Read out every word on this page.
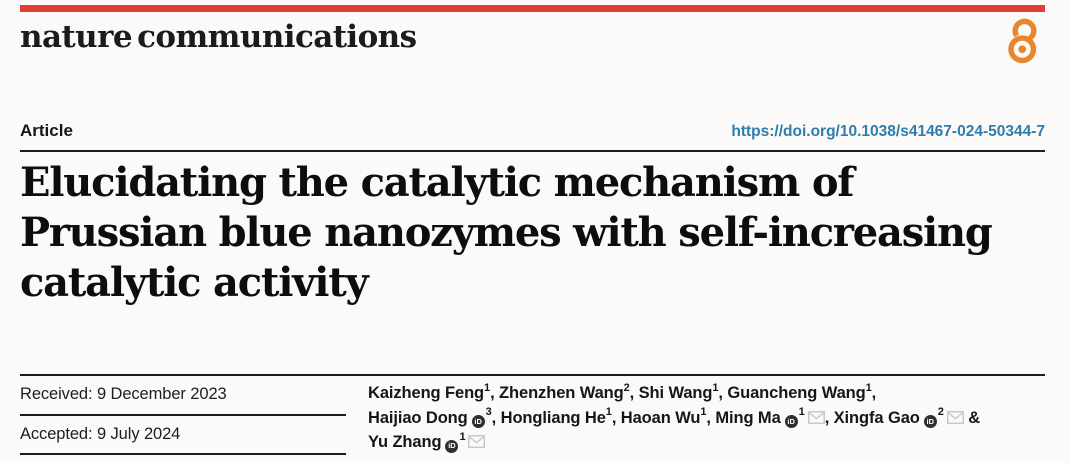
nature communications
Article	https://doi.org/10.1038/s41467-024-50344-7
Elucidating the catalytic mechanism of
Prussian blue nanozymes with self-increasing
catalytic activity
Received: 9 December 2023
Accepted: 9 July 2024
Kaizheng Feng$^1$, Zhenzhen Wang$^2$, Shi Wang$^1$, Guancheng Wang$^1$,
Haijiao Dong $iD^3$, Hongliang He$^1$, Haoan Wu$^1$, Ming Ma $iD^1$ , Xingfa Gao $iD^2$ &
Yu Zhang $iD^1$
